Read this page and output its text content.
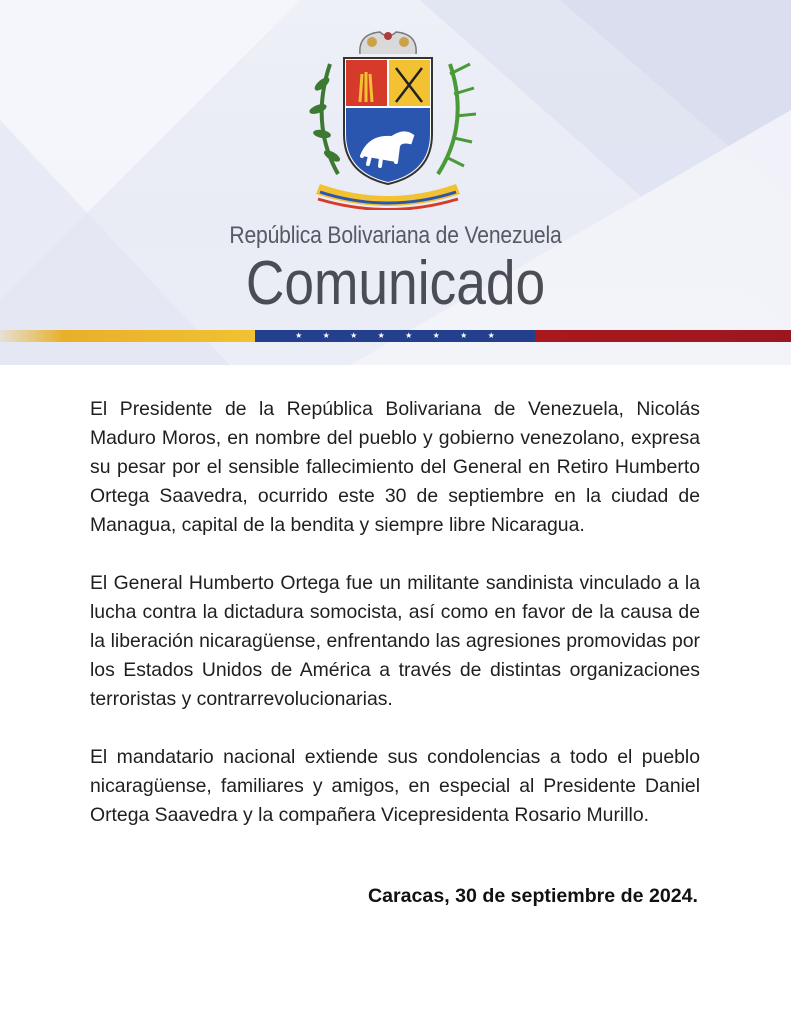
República Bolivariana de Venezuela
Comunicado
★	★	★	★	★	★	★	★

El Presidente de la República Bolivariana de Venezuela, Nicolás Maduro Moros, en nombre del pueblo y gobierno venezolano, expresa su pesar por el sensible fallecimiento del General en Retiro Humberto Ortega Saavedra, ocurrido este 30 de septiembre en la ciudad de Managua, capital de la bendita y siempre libre Nicaragua.

El General Humberto Ortega fue un militante sandinista vinculado a la lucha contra la dictadura somocista, así como en favor de la causa de la liberación nicaragüense, enfrentando las agresiones promovidas por los Estados Unidos de América a través de distintas organizaciones terroristas y contrarrevolucionarias.

El mandatario nacional extiende sus condolencias a todo el pueblo nicaragüense, familiares y amigos, en especial al Presidente Daniel Ortega Saavedra y la compañera Vicepresidenta Rosario Murillo.

Caracas, 30 de septiembre de 2024.
